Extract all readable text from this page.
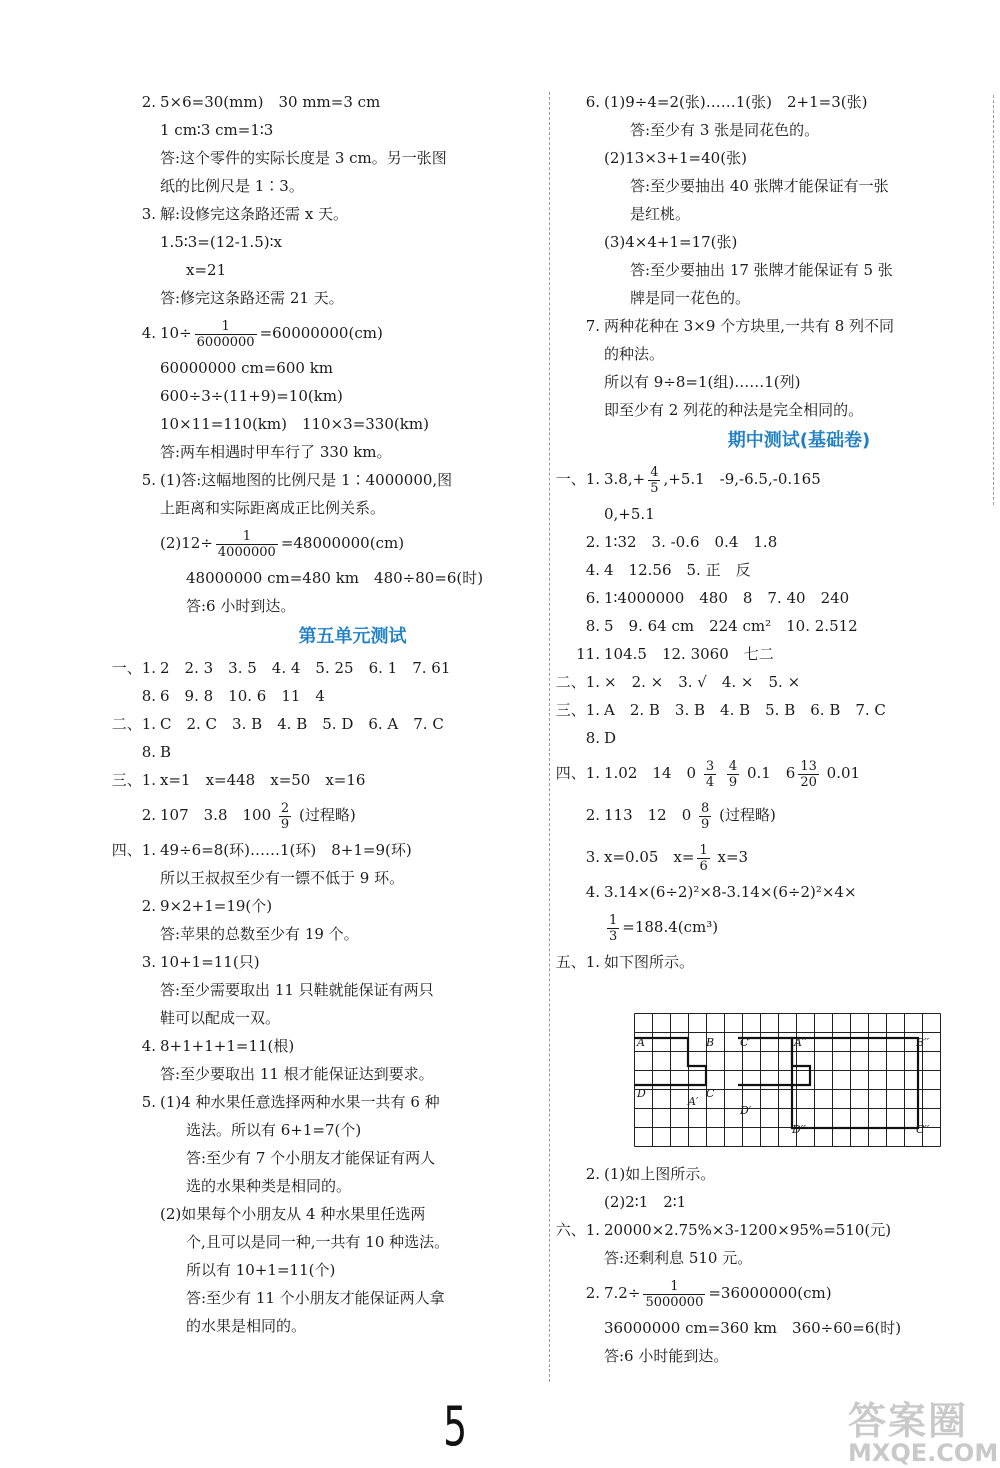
2. 5×6=30(mm)　30 mm=3 cm
1 cm∶3 cm=1∶3
答:这个零件的实际长度是 3 cm。另一张图
纸的比例尺是 1∶3。
3. 解:设修完这条路还需 x 天。
1.5∶3=(12-1.5)∶x
x=21
答:修完这条路还需 21 天。
4. $10\div \frac{1}{6000000} =60000000(cm)$
60000000 cm=600 km
600÷3÷(11+9)=10(km)
10×11=110(km)　110×3=330(km)
答:两车相遇时甲车行了 330 km。
5. (1)答:这幅地图的比例尺是 1∶4000000,图
上距离和实际距离成正比例关系。
$(2)12\div \frac{1}{4000000} =48000000(cm)$
48000000 cm=480 km　480÷80=6(时)
答:6 小时到达。
第五单元测试
一、1. 2　2. 3　3. 5　4. 4　5. 25　6. 1　7. 61
8. 6　9. 8　10. 6　11　4
二、1. C　2. C　3. B　4. B　5. D　6. A　7. C
8. B
三、1. x=1　x=448　x=50　x=16
2. 107　3.8　$100 \frac{2}{9}$ (过程略)
四、1. 49÷6=8(环)……1(环)　8+1=9(环)
所以王叔叔至少有一镖不低于 9 环。
2. 9×2+1=19(个)
答:苹果的总数至少有 19 个。
3. 10+1=11(只)
答:至少需要取出 11 只鞋就能保证有两只
鞋可以配成一双。
4. 8+1+1+1=11(根)
答:至少要取出 11 根才能保证达到要求。
5. (1)4 种水果任意选择两种水果一共有 6 种
选法。所以有 6+1=7(个)
答:至少有 7 个小朋友才能保证有两人
选的水果种类是相同的。
(2)如果每个小朋友从 4 种水果里任选两
个,且可以是同一种,一共有 10 种选法。
所以有 10+1=11(个)
答:至少有 11 个小朋友才能保证两人拿
的水果是相同的。
6. (1)9÷4=2(张)……1(张)　2+1=3(张)
答:至少有 3 张是同花色的。
(2)13×3+1=40(张)
答:至少要抽出 40 张牌才能保证有一张
是红桃。
(3)4×4+1=17(张)
答:至少要抽出 17 张牌才能保证有 5 张
牌是同一花色的。
7. 两种花种在 3×9 个方块里,一共有 8 列不同
的种法。
所以有 9÷8=1(组)……1(列)
即至少有 2 列花的种法是完全相同的。
期中测试(基础卷)
一、1. $3.8,+ \frac{4}{5} ,+5.1$　-9,-6.5,-0.165
0,+5.1
2. 1∶32　3. -0.6　0.4　1.8
4. 4　12.56　5. 正　反
6. 1∶4000000　480　8　7. 40　240
8. 5　9. 64 cm　224 cm²　10. 2.512
11. 104.5　12. 3060　七二
二、1. ×　2. ×　3. √　4. ×　5. ×
三、1. A　2. B　3. B　4. B　5. B　6. B　7. C
8. D
四、1. 1.02　14　$0 \frac{3}{4}$
$\frac{4}{9} 0.1$　$6 \frac{13}{20} 0.01$
2. 113　12　$0 \frac{8}{9}$ (过程略)
3. x=0.05　$x= \frac{1}{6} x=3$
4. 3.14×(6÷2)²×8-3.14×(6÷2)²×4×
$\frac{1}{3} =188.4(cm^3)$
五、1. 如下图所示。
A	B
C
D
A′
C′
D′
A′′	B′′
C′′
D′′
2. (1)如上图所示。
(2)2∶1　2∶1
六、1. 20000×2.75%×3-1200×95%=510(元)
答:还剩利息 510 元。
2. $7.2\div \frac{1}{5000000} =36000000(cm)$
36000000 cm=360 km　360÷60=6(时)
答:6 小时能到达。
5	答案圈
MXQE.COM
